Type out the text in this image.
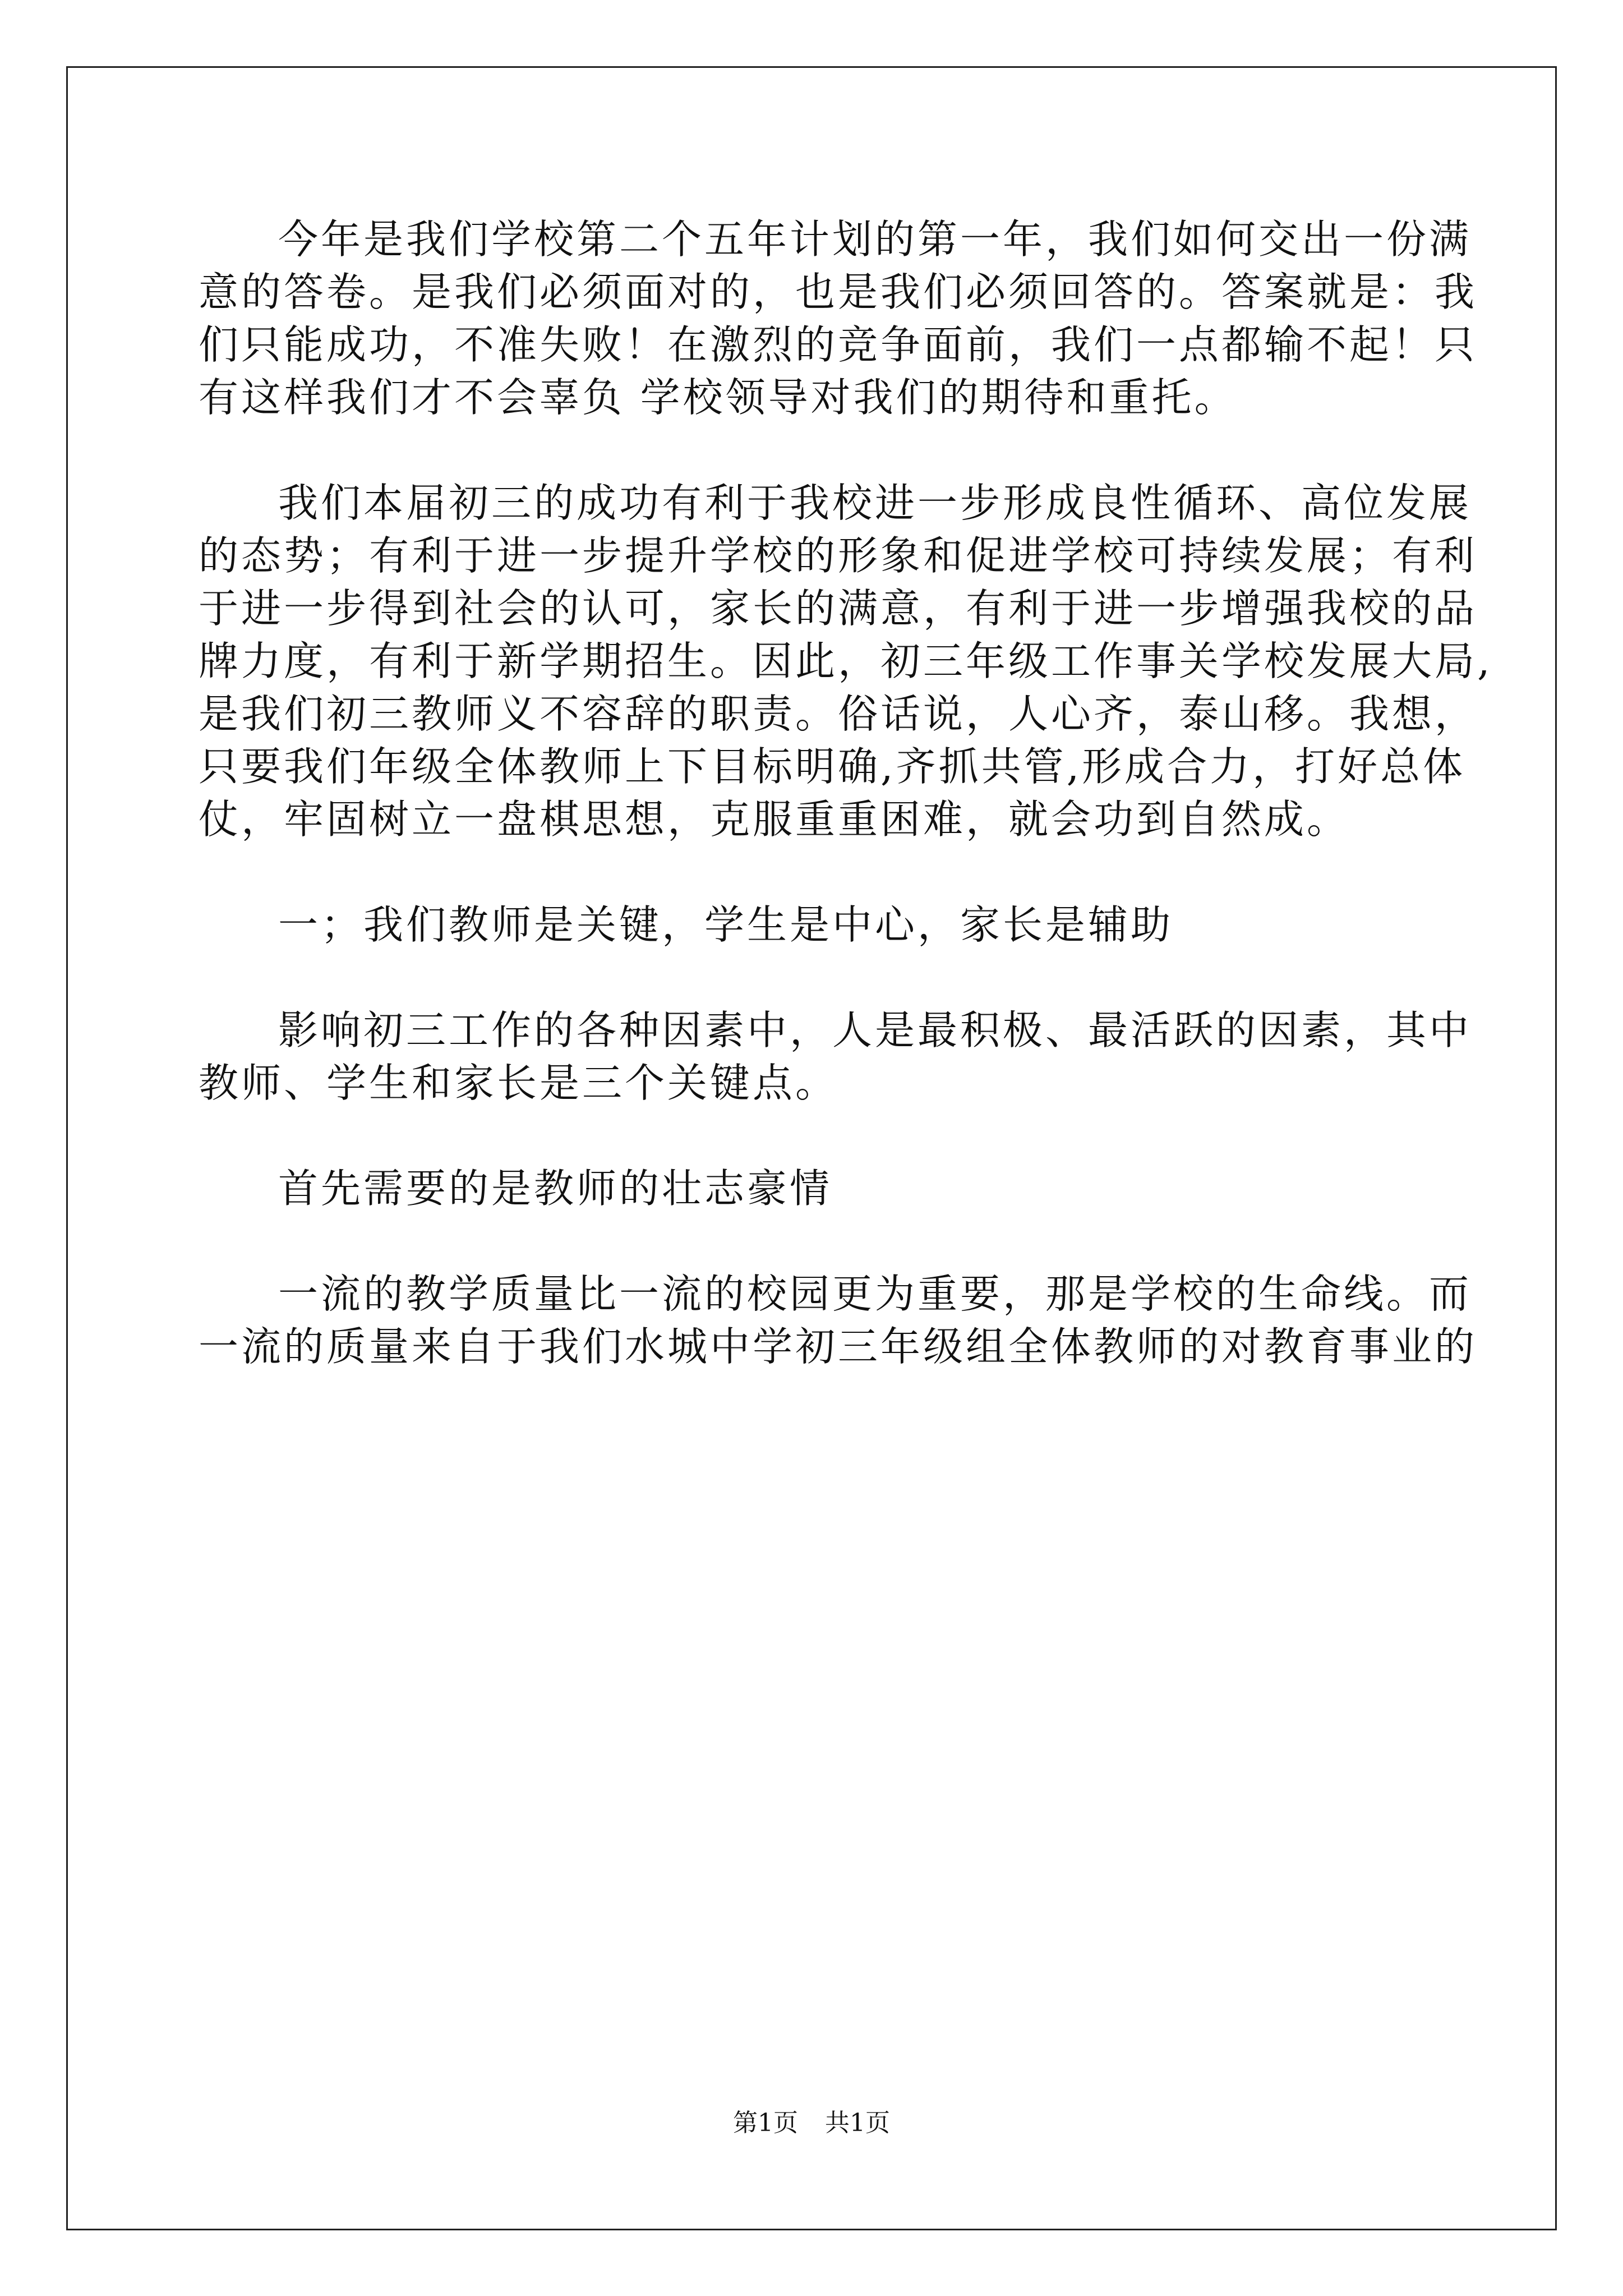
今年是我们学校第二个五年计划的第一年，我们如何交出一份满
意的答卷。是我们必须面对的，也是我们必须回答的。答案就是：我
们只能成功，不准失败！在激烈的竞争面前，我们一点都输不起！只
有这样我们才不会辜负 学校领导对我们的期待和重托。
我们本届初三的成功有利于我校进一步形成良性循环、高位发展
的态势；有利于进一步提升学校的形象和促进学校可持续发展；有利
于进一步得到社会的认可，家长的满意，有利于进一步增强我校的品
牌力度，有利于新学期招生。因此，初三年级工作事关学校发展大局,
是我们初三教师义不容辞的职责。俗话说，人心齐，泰山移。我想，
只要我们年级全体教师上下目标明确,齐抓共管,形成合力，打好总体
仗，牢固树立一盘棋思想，克服重重困难，就会功到自然成。
一；我们教师是关键，学生是中心，家长是辅助
影响初三工作的各种因素中，人是最积极、最活跃的因素，其中
教师、学生和家长是三个关键点。
首先需要的是教师的壮志豪情
一流的教学质量比一流的校园更为重要，那是学校的生命线。而
一流的质量来自于我们水城中学初三年级组全体教师的对教育事业的
第1页 共1页
